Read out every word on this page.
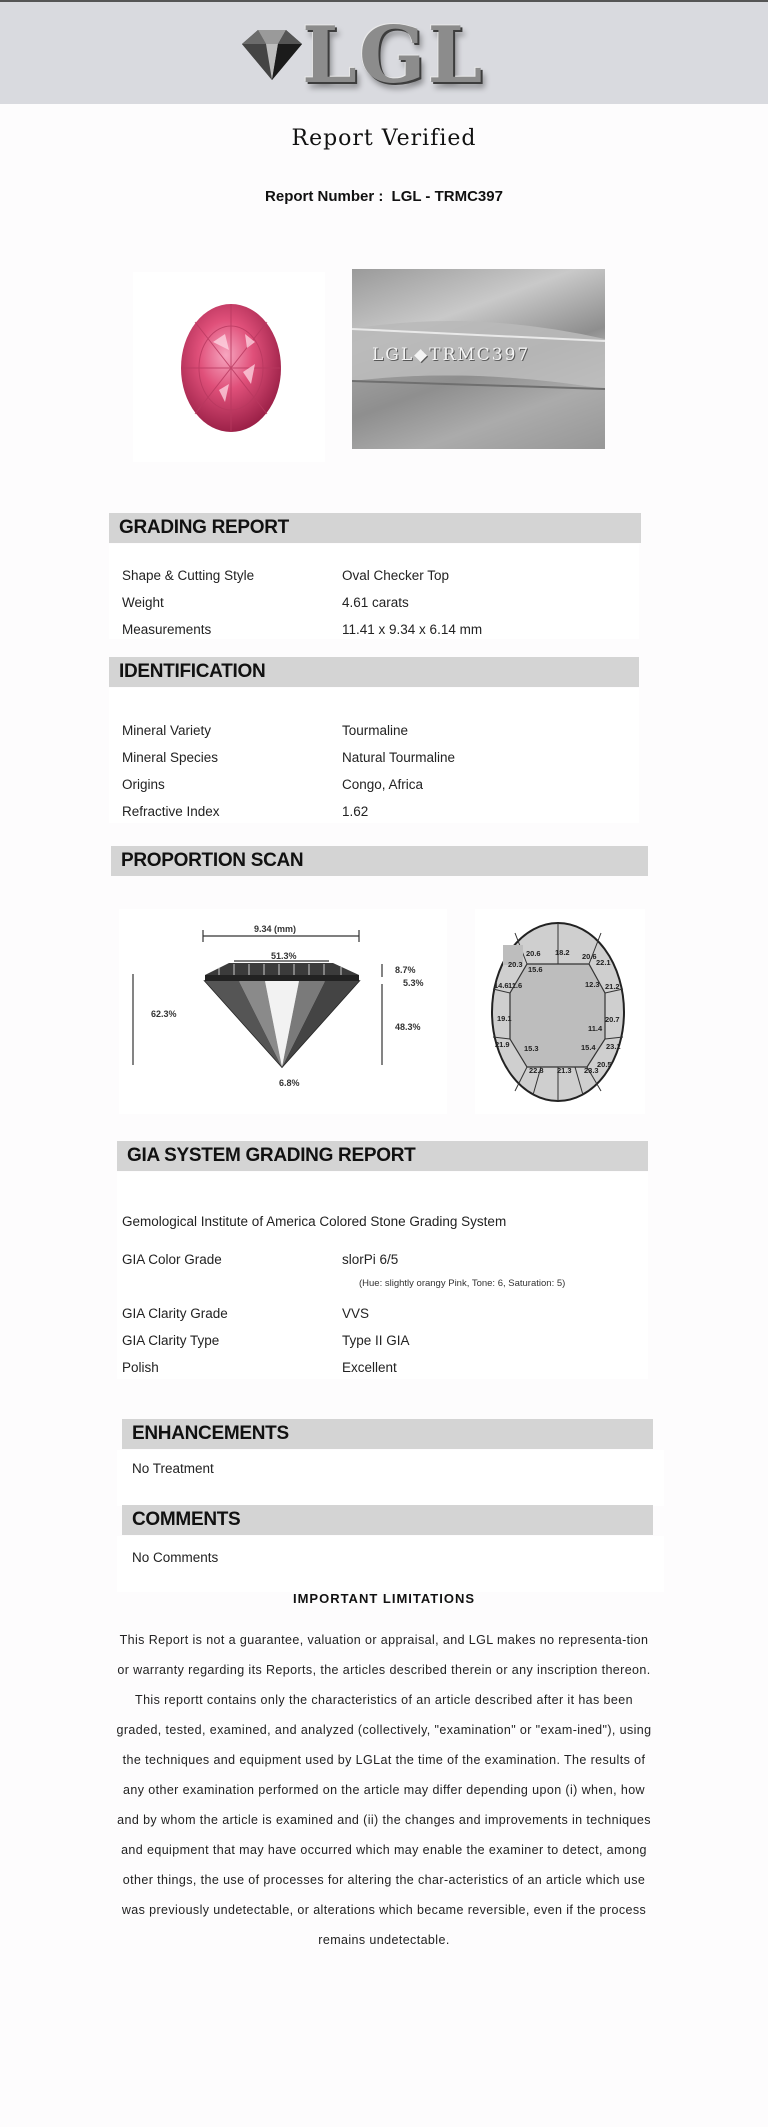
LGL
Report Verified
Report Number : LGL - TRMC397
LGL◆TRMC397
GRADING REPORT
Shape & Cutting Style	Oval Checker Top
Weight	4.61 carats
Measurements	11.41 x 9.34 x 6.14 mm
IDENTIFICATION
Mineral Variety	Tourmaline
Mineral Species	Natural Tourmaline
Origins	Congo, Africa
Refractive Index	1.62
PROPORTION SCAN
9.34 (mm)
51.3%
62.3%
8.7%
5.3%
48.3%
6.8%
20.6 18.2 20.6
22.1
20.3
15.6
14.6 11.6	12.3 21.2
19.1	20.7
11.4
21.9 15.3	15.4 23.1
22.8 21.3 23.3
20.5
GIA SYSTEM GRADING REPORT
Gemological Institute of America Colored Stone Grading System
GIA Color Grade	slorPi 6/5
(Hue: slightly orangy Pink, Tone: 6, Saturation: 5)
GIA Clarity Grade	VVS
GIA Clarity Type	Type II GIA
Polish	Excellent
ENHANCEMENTS
No Treatment
COMMENTS
No Comments
IMPORTANT LIMITATIONS
This Report is not a guarantee, valuation or appraisal, and LGL makes no representa-tion or warranty regarding its Reports, the articles described therein or any inscription thereon. This reportt contains only the characteristics of an article described after it has been graded, tested, examined, and analyzed (collectively, "examination" or "exam-ined"), using the techniques and equipment used by LGLat the time of the examination. The results of any other examination performed on the article may differ depending upon (i) when, how and by whom the article is examined and (ii) the changes and improvements in techniques and equipment that may have occurred which may enable the examiner to detect, among other things, the use of processes for altering the char-acteristics of an article which use was previously undetectable, or alterations which became reversible, even if the process remains undetectable.
